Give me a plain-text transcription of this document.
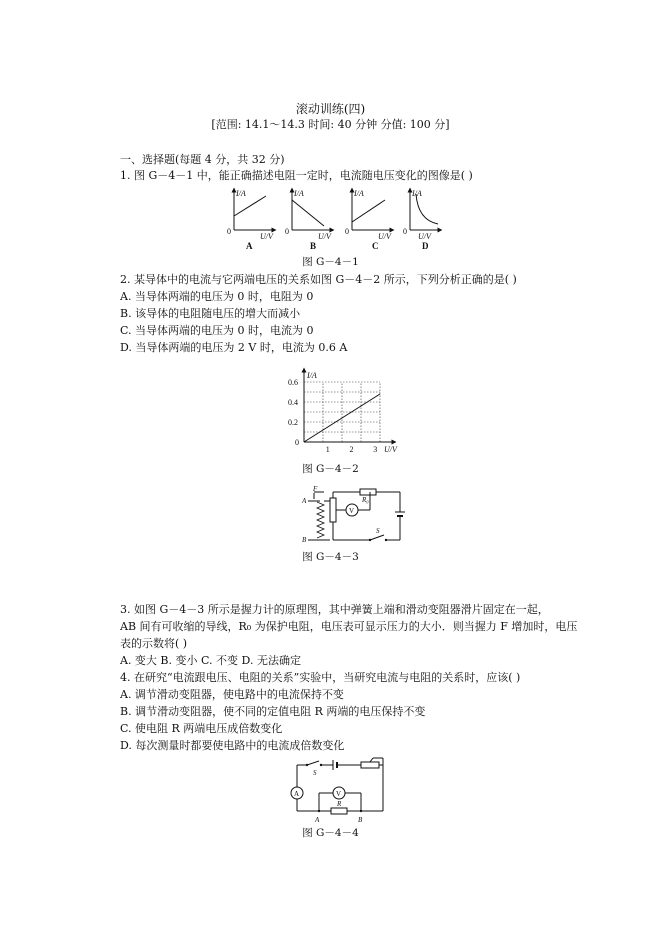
滚动训练(四)
[范围: 14.1～14.3 时间: 40 分钟 分值: 100 分]
一、选择题(每题 4 分，共 32 分)
1. 图 G－4－1 中，能正确描述电阻一定时，电流随电压变化的图像是( )
I/A
U/V
0
A
I/A
U/V
0
B
I/A
U/V
0
C
I/A
U/V
0
D
图 G－4－1
2. 某导体中的电流与它两端电压的关系如图 G－4－2 所示，下列分析正确的是( )
A. 当导体两端的电压为 0 时，电阻为 0
B. 该导体的电阻随电压的增大而减小
C. 当导体两端的电压为 0 时，电流为 0
D. 当导体两端的电压为 2 V 时，电流为 0.6 A
I/A
U/V
0
1 2 3
0.2
0.4
0.6
图 G－4－2
F
A
B
R₀
V
S
图 G－4－3
3. 如图 G－4－3 所示是握力计的原理图，其中弹簧上端和滑动变阻器滑片固定在一起，
AB 间有可收缩的导线，R₀ 为保护电阻，电压表可显示压力的大小．则当握力 F 增加时，电压
表的示数将( )
A. 变大 B. 变小 C. 不变 D. 无法确定
4. 在研究“电流跟电压、电阻的关系”实验中，当研究电流与电阻的关系时，应该( )
A. 调节滑动变阻器，使电路中的电流保持不变
B. 调节滑动变阻器，使不同的定值电阻 R 两端的电压保持不变
C. 使电阻 R 两端电压成倍数变化
D. 每次测量时都要使电路中的电流成倍数变化
S
A	V
R
A	B
图 G－4－4
